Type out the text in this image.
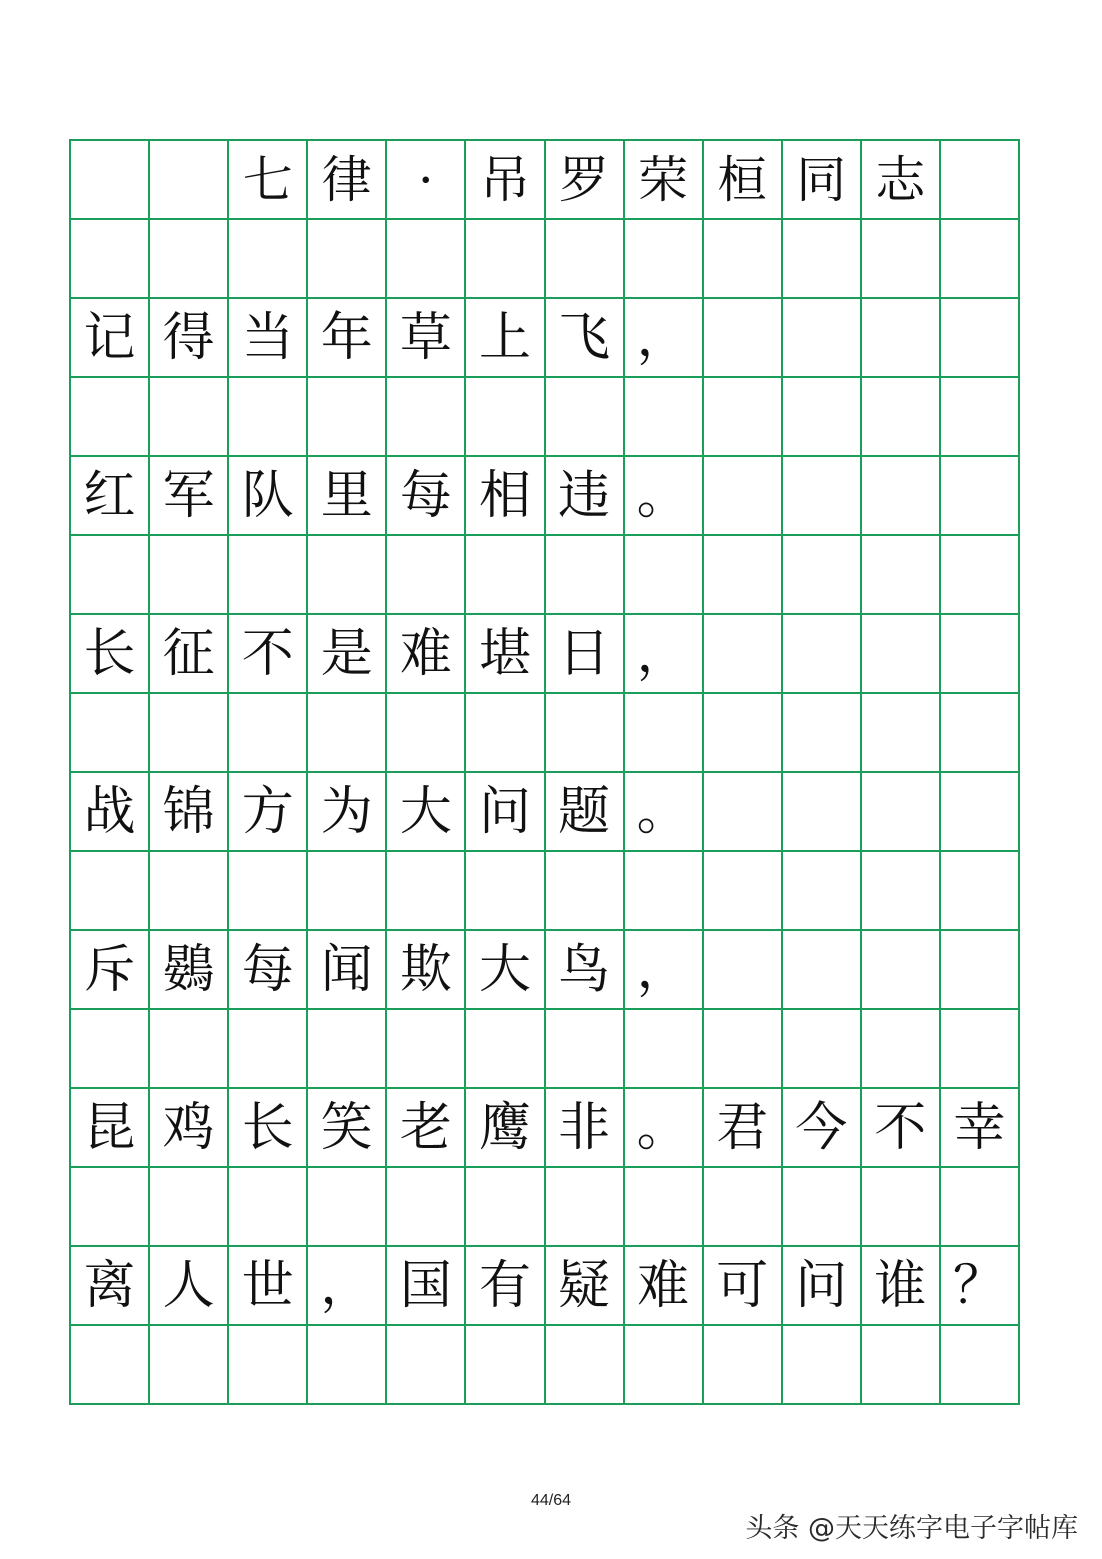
七 律 · 吊 罗 荣 桓 同 志
记 得 当 年 草 上 飞 ，
红 军 队 里 每 相 违 。
长 征 不 是 难 堪 日 ，
战 锦 方 为 大 问 题 。
斥 鷃 每 闻 欺 大 鸟 ，
昆 鸡 长 笑 老 鹰 非 。 君 今 不 幸
离 人 世 ， 国 有 疑 难 可 问 谁 ？
44/64
头条 @天天练字电子字帖库
